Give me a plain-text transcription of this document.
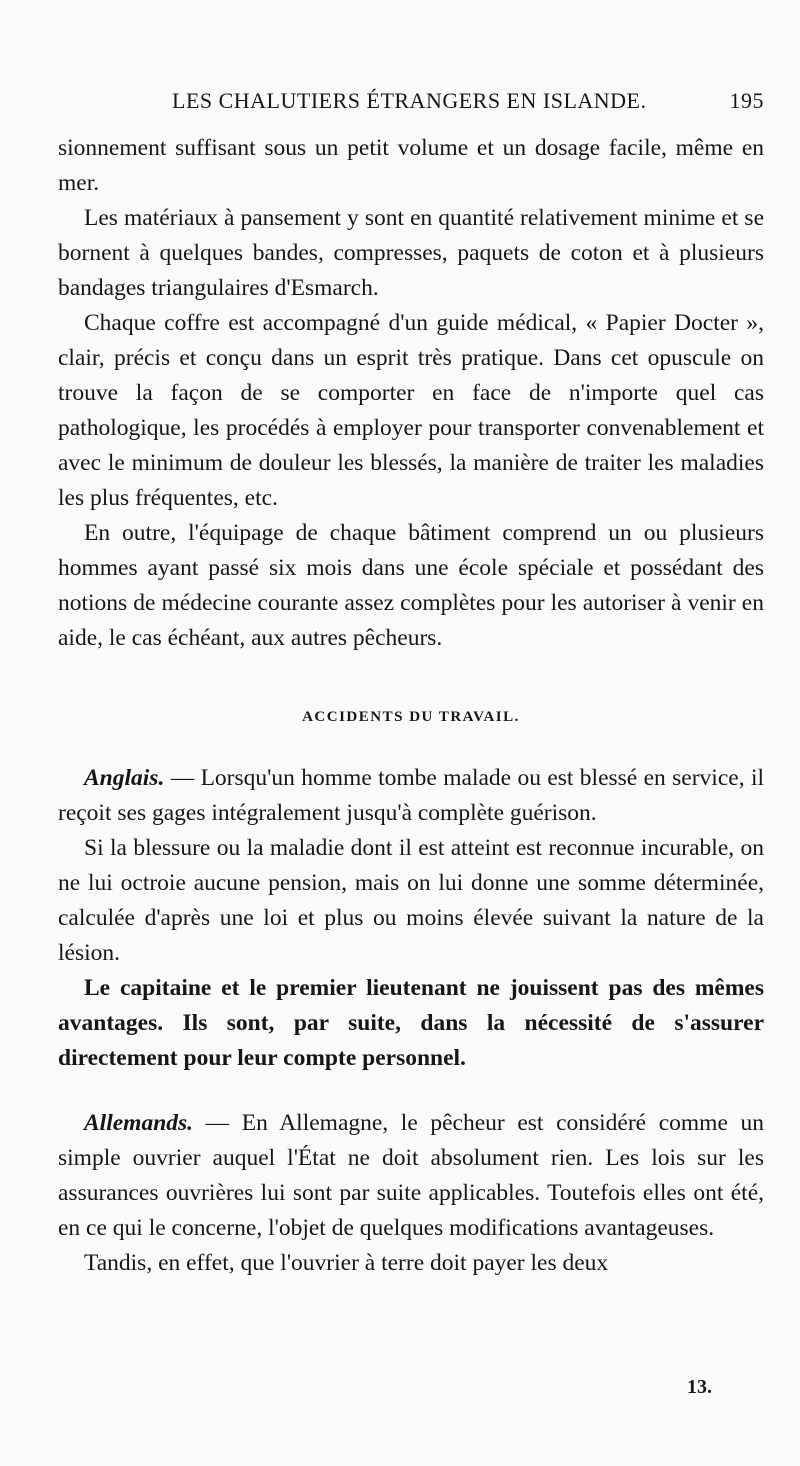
LES CHALUTIERS ÉTRANGERS EN ISLANDE.	195

sionnement suffisant sous un petit volume et un dosage facile, même en mer.

Les matériaux à pansement y sont en quantité relativement minime et se bornent à quelques bandes, compresses, paquets de coton et à plusieurs bandages triangulaires d'Esmarch.

Chaque coffre est accompagné d'un guide médical, « Papier Docter », clair, précis et conçu dans un esprit très pratique. Dans cet opuscule on trouve la façon de se comporter en face de n'importe quel cas pathologique, les procédés à employer pour transporter convenablement et avec le minimum de douleur les blessés, la manière de traiter les maladies les plus fréquentes, etc.

En outre, l'équipage de chaque bâtiment comprend un ou plusieurs hommes ayant passé six mois dans une école spéciale et possédant des notions de médecine courante assez complètes pour les autoriser à venir en aide, le cas échéant, aux autres pêcheurs.

ACCIDENTS DU TRAVAIL.

Anglais. — Lorsqu'un homme tombe malade ou est blessé en service, il reçoit ses gages intégralement jusqu'à complète guérison.

Si la blessure ou la maladie dont il est atteint est reconnue incurable, on ne lui octroie aucune pension, mais on lui donne une somme déterminée, calculée d'après une loi et plus ou moins élevée suivant la nature de la lésion.

Le capitaine et le premier lieutenant ne jouissent pas des mêmes avantages. Ils sont, par suite, dans la nécessité de s'assurer directement pour leur compte personnel.

Allemands. — En Allemagne, le pêcheur est considéré comme un simple ouvrier auquel l'État ne doit absolument rien. Les lois sur les assurances ouvrières lui sont par suite applicables. Toutefois elles ont été, en ce qui le concerne, l'objet de quelques modifications avantageuses.

Tandis, en effet, que l'ouvrier à terre doit payer les deux

13.
